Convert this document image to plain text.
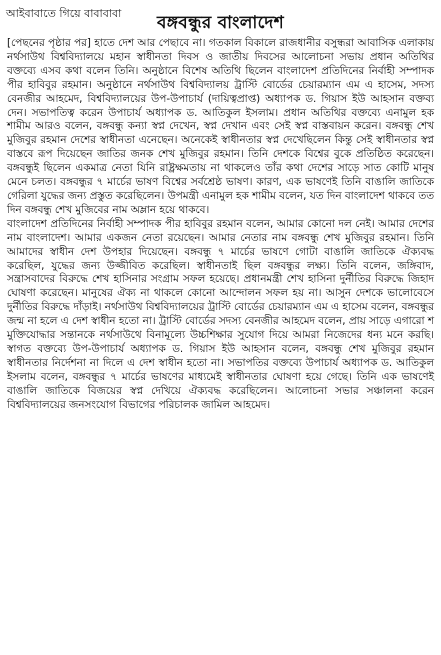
আইবাবাতে গিয়ে বাবাবাবা	বঙ্গবন্ধুর বাংলাদেশ

[পেছনের পৃষ্ঠার পর] হাতে দেশ আর পেছাবে না। গতকাল বিকালে রাজধানীর বসুন্ধরা আবাসিক এলাকায় নর্থসাউথ বিশ্ববিদ্যালয়ে মহান স্বাধীনতা দিবস ও জাতীয় দিবসের আলোচনা সভায় প্রধান অতিথির বক্তব্যে এসব কথা বলেন তিনি। অনুষ্ঠানে বিশেষ অতিথি ছিলেন বাংলাদেশ প্রতিদিনের নির্বাহী সম্পাদক পীর হাবিবুর রহমান। অনুষ্ঠানে নর্থসাউথ বিশ্ববিদ্যালয় ট্রাস্টি বোর্ডের চেয়ারম্যান এম এ হাসেম, সদস্য বেনজীর আহমেদ, বিশ্ববিদ্যালয়ের উপ-উপাচার্য (দায়িত্বপ্রাপ্ত) অধ্যাপক ড. গিয়াস ইউ আহসান বক্তব্য দেন। সভাপতিত্ব করেন উপাচার্য অধ্যাপক ড. আতিকুল ইসলাম। প্রধান অতিথির বক্তব্যে এনামুল হক শামীম আরও বলেন, বঙ্গবন্ধু কন্যা স্বপ্ন দেখেন, স্বপ্ন দেখান এবং সেই স্বপ্ন বাস্তবায়ন করেন। বঙ্গবন্ধু শেখ মুজিবুর রহমান দেশের স্বাধীনতা এনেছেন। অনেকেই স্বাধীনতার স্বপ্ন দেখেছিলেন কিন্তু সেই স্বাধীনতার স্বপ্ন বাস্তবে রূপ দিয়েছেন জাতির জনক শেখ মুজিবুর রহমান। তিনি দেশকে বিশ্বের বুকে প্রতিষ্ঠিত করেছেন। বঙ্গবন্ধুই ছিলেন একমাত্র নেতা যিনি রাষ্ট্রক্ষমতায় না থাকলেও তাঁর কথা দেশের সাড়ে সাত কোটি মানুষ মেনে চলত। বঙ্গবন্ধুর ৭ মার্চের ভাষণ বিশ্বের সর্বশ্রেষ্ঠ ভাষণ। কারণ, এক ভাষণেই তিনি বাঙালি জাতিকে গেরিলা যুদ্ধের জন্য প্রস্তুত করেছিলেন। উপমন্ত্রী এনামুল হক শামীম বলেন, যত দিন বাংলাদেশ থাকবে তত দিন বঙ্গবন্ধু শেখ মুজিবের নাম অম্লান হয়ে থাকবে।

বাংলাদেশ প্রতিদিনের নির্বাহী সম্পাদক পীর হাবিবুর রহমান বলেন, আমার কোনো দল নেই। আমার দেশের নাম বাংলাদেশ। আমার একজন নেতা রয়েছেন। আমার নেতার নাম বঙ্গবন্ধু শেখ মুজিবুর রহমান। তিনি আমাদের স্বাধীন দেশ উপহার দিয়েছেন। বঙ্গবন্ধু ৭ মার্চের ভাষণে গোটা বাঙালি জাতিকে ঐক্যবদ্ধ করেছিল, যুদ্ধের জন্য উজ্জীবিত করেছিল। স্বাধীনতাই ছিল বঙ্গবন্ধুর লক্ষ্য। তিনি বলেন, জঙ্গিবাদ, সন্ত্রাসবাদের বিরুদ্ধে শেখ হাসিনার সংগ্রাম সফল হয়েছে। প্রধানমন্ত্রী শেখ হাসিনা দুর্নীতির বিরুদ্ধে জিহাদ ঘোষণা করেছেন। মানুষের ঐক্য না থাকলে কোনো আন্দোলন সফল হয় না। আসুন দেশকে ভালোবেসে দুর্নীতির বিরুদ্ধে দাঁড়াই। নর্থসাউথ বিশ্ববিদ্যালয়ের ট্রাস্টি বোর্ডের চেয়ারম্যান এম এ হাসেম বলেন, বঙ্গবন্ধুর জন্ম না হলে এ দেশ স্বাধীন হতো না। ট্রাস্টি বোর্ডের সদস্য বেনজীর আহমেদ বলেন, প্রায় সাড়ে এগারো শ মুক্তিযোদ্ধার সন্তানকে নর্থসাউথে বিনামূল্যে উচ্চশিক্ষার সুযোগ দিয়ে আমরা নিজেদের ধন্য মনে করছি। স্বাগত বক্তব্যে উপ-উপাচার্য অধ্যাপক ড. গিয়াস ইউ আহসান বলেন, বঙ্গবন্ধু শেখ মুজিবুর রহমান স্বাধীনতার নির্দেশনা না দিলে এ দেশ স্বাধীন হতো না। সভাপতির বক্তব্যে উপাচার্য অধ্যাপক ড. আতিকুল ইসলাম বলেন, বঙ্গবন্ধুর ৭ মার্চের ভাষণের মাধ্যমেই স্বাধীনতার ঘোষণা হয়ে গেছে। তিনি এক ভাষণেই বাঙালি জাতিকে বিজয়ের স্বপ্ন দেখিয়ে ঐক্যবদ্ধ করেছিলেন। আলোচনা সভার সঞ্চালনা করেন বিশ্ববিদ্যালয়ের জনসংযোগ বিভাগের পরিচালক জামিল আহমেদ।
